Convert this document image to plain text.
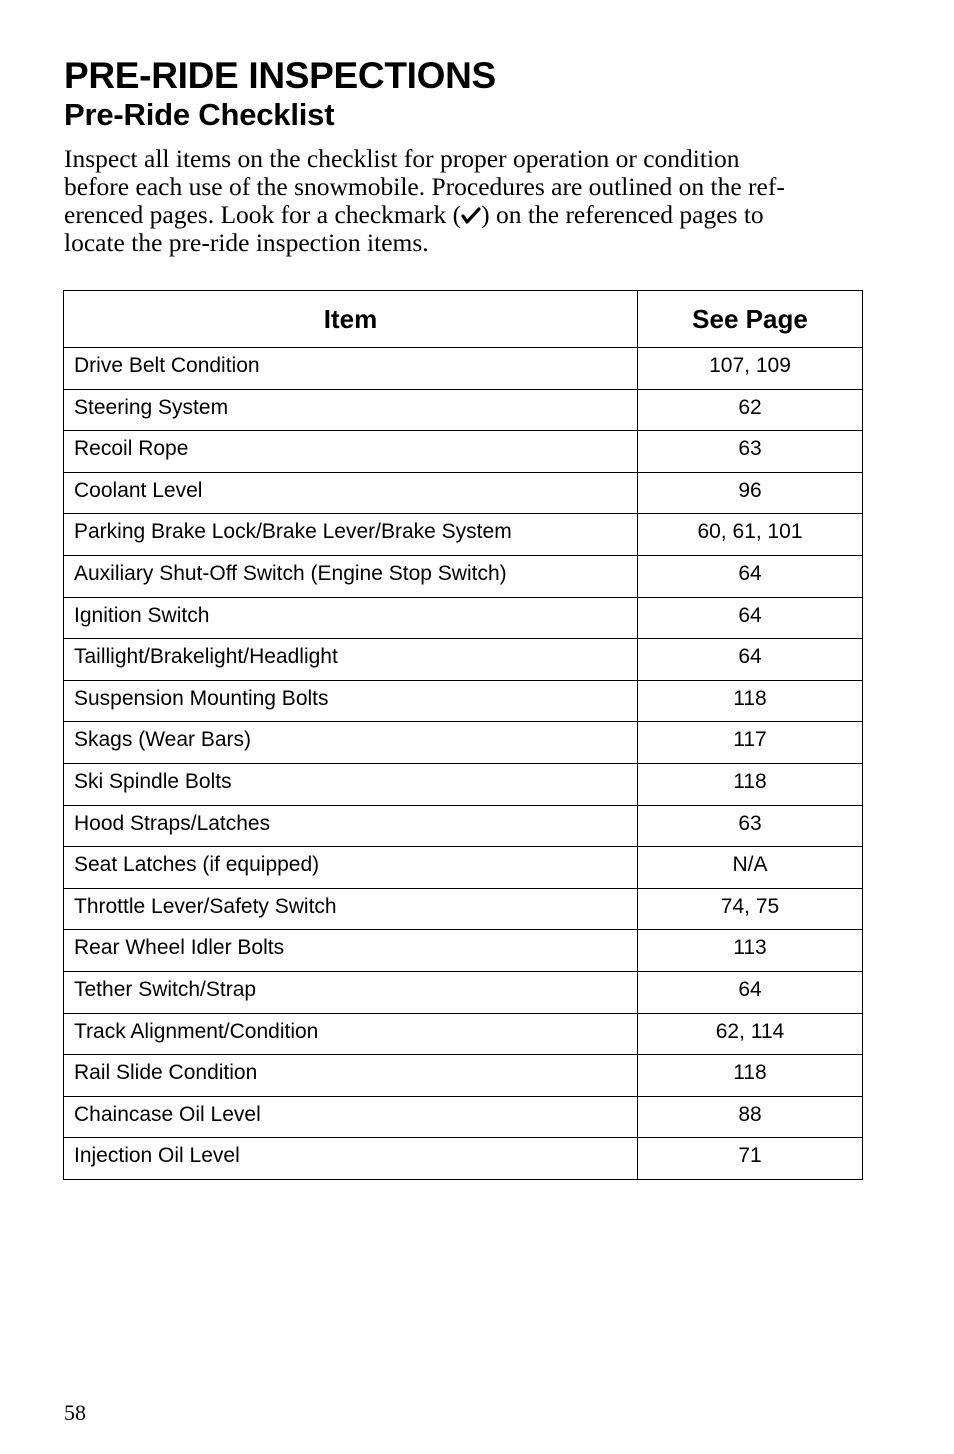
PRE-RIDE INSPECTIONS
Pre-Ride Checklist

Inspect all items on the checklist for proper operation or condition
before each use of the snowmobile. Procedures are outlined on the ref-
erenced pages. Look for a checkmark ( ) on the referenced pages to
locate the pre-ride inspection items.

Item	See Page
Drive Belt Condition	107, 109
Steering System	62
Recoil Rope	63
Coolant Level	96
Parking Brake Lock/Brake Lever/Brake System	60, 61, 101
Auxiliary Shut-Off Switch (Engine Stop Switch)	64
Ignition Switch	64
Taillight/Brakelight/Headlight	64
Suspension Mounting Bolts	118
Skags (Wear Bars)	117
Ski Spindle Bolts	118
Hood Straps/Latches	63
Seat Latches (if equipped)	N/A
Throttle Lever/Safety Switch	74, 75
Rear Wheel Idler Bolts	113
Tether Switch/Strap	64
Track Alignment/Condition	62, 114
Rail Slide Condition	118
Chaincase Oil Level	88
Injection Oil Level	71

58
